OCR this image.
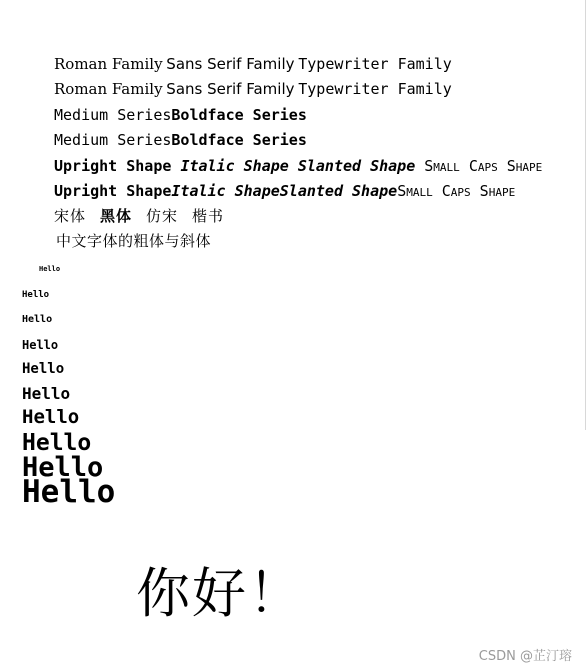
Roman Family Sans Serif Family Typewriter Family
Roman Family Sans Serif Family Typewriter Family
Medium SeriesBoldface Series
Medium SeriesBoldface Series
Upright Shape Italic Shape Slanted Shape Small Caps Shape
Upright ShapeItalic ShapeSlanted ShapeSmall Caps Shape
宋体 黑体 仿宋 楷书
中文字体的粗体与斜体
Hello
Hello
Hello
Hello
Hello
Hello
Hello
Hello
Hello
Hello
你好！
CSDN @芷汀瑢
